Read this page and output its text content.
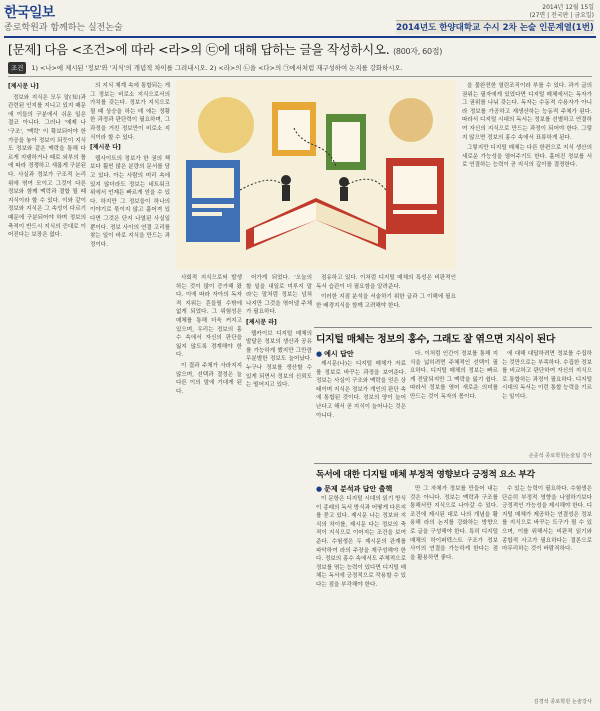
한국일보
종로학원과 함께하는 실전논술
2014년 12월 15일
(27면 | 전국판 | 금요일)
2014년도 한양대학교 수시 2차 논술 인문계열(1번)
[문제] 다음 <조건>에 따라 <라>의 ㉢에 대해 답하는 글을 작성하시오. (800자, 60점)
조건 1) <나>에 제시된 '정보'와 '지식'의 개념적 차이를 그려내시오. 2) <라>의 ㉡을 <다>의 ㉠에서처럼 재구성하여 논지를 강화하시오.
[제시문 나]

정보와 지식은 모두 알(知)과 관련된 인지를 지니고 있지 때문에 이들의 구분에서 쉬운 일은 결코 아니다. 그러나 '예제 나 '구조', '맥락' 이 확보되어야 한 가공을 놓아 정보이 되듯이 지식도 정보와 같은 맥락을 통해 다르게 지탱하거나 때로 외부의 틀에 따라 경쟁하고 새롭게 구분된다. 사실과 정보가 구조적 논리 위에 엮여 모이고 그것이 다른 정보와 함께 맥락과 결합 될 때 지식이라 할 수 있다. 이와 같이 정보와 지식은 그 속성이 다르기 때문에 구분되어야 하며 정보의 축적이 반드시 지식의 증대로 이어진다는 보장은 없다.

의 지식 체계 속에 통합되는 게 그 정보는 비로소 지식으로서의 가치를 갖는다. 정보가 지식으로 될 때 상승을 하는 데 에는 정황한 과정과 판단력이 필요하며, 그 과정을 거친 정보만이 비로소 지식이라 할 수 있다.

[제시문 다]

웹사이트의 정보가 한 권의 책보다 훨씬 많은 분량의 문서를 담고 있다. 아는 사람의 머리 속에 있지 않더라도 정보는 네트워크 위에서 언제든 빠르게 얻을 수 있다. 하지만 그 정보들이 하나의 이야기로 묶이지 않고 흩어져 있다면 그것은 단지 나열된 사실일 뿐이다. 정보 사이의 연결 고리를 찾는 일이 바로 지식을 만드는 과정이다.

을 불완전한 열린조직이라 부를 수 있다. 과거 글의 권위는 필자에게 있었다면 디지털 매체에서는 독자가 그 권위를 나눠 갖는다. 독자는 수동적 수용자가 아니라 정보를 가공하고 재생산하는 능동적 주체가 된다. 따라서 디지털 시대의 독서는 정보를 선별하고 연결하여 자신의 지식으로 만드는 과정이 되어야 한다. 그렇지 않으면 정보의 홍수 속에서 표류하게 된다.

그렇지만 디지털 매체는 다른 한편으로 지식 생산의 새로운 가능성을 열어주기도 한다. 흩어진 정보를 서로 연결하는 능력이 곧 지식의 깊이를 결정한다.

사회적 지식으로써 발생하는 것이 많이 증가해 왔다. 이에 따라 자아의 독자적 지위는 흔들릴 수밖에 없게 되었다. 그 위험성은 매체를 통해 더욱 커지고 있으며, 우리는 정보의 홍수 속에서 자신의 판단을 잃지 않도록 경계해야 한다.

이 결과 주체가 사라지지 않으며, 선택과 결정은 늘 다른 이의 말에 기대게 된다.

어가게 되었다. '오늘의 할 일을 내일로 미루지 말라'는 말처럼 정보는 넘쳐나지만 그것을 엮어낼 주체가 필요하다.

[제시문 라]

웹카이브 디지털 매체의 발달은 정보의 생산과 공유를 가능하게 했지만 그만큼 무분별한 정보도 늘어났다. 누구나 정보를 생산할 수 있게 되면서 정보의 신뢰도는 떨어지고 있다.

점유하고 있다. 이처럼 디지털 매체의 특성은 비판적인 독서 습관이 더 필요함을 알려준다.

이러한 지점 분석을 서술하기 위한 글과 그 이해에 필요한 배경지식을 함께 고려해야 한다.

디지털 매체는 정보의 홍수, 그래도 잘 엮으면 지식이 된다
● 예시 답안

제시문(나)는 디지털 매체가 자료를 정보로 바꾸는 과정을 보여준다. 정보는 사실이 구조와 맥락을 얻은 상태이며 지식은 정보가 개인의 판단 속에 통합된 것이다. 정보의 양이 늘어난다고 해서 곧 지식이 늘어나는 것은 아니다.

다. 이처럼 인간이 정보를 통해 지식을 넓히려면 주체적인 선택이 필요하다. 디지털 매체의 정보는 빠르게 전달되지만 그 맥락을 잃기 쉽다. 따라서 정보를 엮어 새로운 의미를 만드는 것이 독자의 몫이다.

에 대해 대답하려면 정보를 수집하는 것만으로는 부족하다. 수집한 정보를 비교하고 판단하여 자신의 지식으로 통합하는 과정이 필요하다. 디지털 시대의 독서는 이런 통합 능력을 기르는 일이다.

손준석 종로학원논술팀 강사
독서에 대한 디지털 매체 부정적 영향보다 긍정적 요소 부각
● 문제 분석과 답안 출핵

이 문항은 디지털 시대의 읽기 방식이 종래의 독서 방식과 어떻게 다른지를 묻고 있다. 제시문 나는 정보와 지식의 차이를, 제시문 다는 정보의 축적이 지식으로 이어지는 조건을 보여준다. 수험생은 두 제시문의 관계를 파악하여 라의 주장을 재구성해야 한다. 정보의 홍수 속에서도 주체적으로 정보를 엮는 능력이 있다면 디지털 매체는 독서에 긍정적으로 작용할 수 있다는 점을 부각해야 한다.

만 그 자체가 정보를 만들어 내는 것은 아니다. 정보는 맥락과 구조를 통해서만 지식으로 나아갈 수 있다. 조건에 제시된 대로 나의 개념을 활용해 라의 논지를 강화하는 방향으로 글을 구성해야 한다. 특히 디지털 매체의 하이퍼텍스트 구조가 정보 사이의 연결을 가능하게 한다는 점을 활용하면 좋다.

수 있는 능력이 필요하다. 수험생은 단순히 부정적 영향을 나열하기보다 긍정적인 가능성을 제시해야 한다. 디지털 매체가 제공하는 연결성은 정보를 지식으로 바꾸는 도구가 될 수 있으며, 이를 위해서는 비판적 읽기와 종합적 사고가 필요하다는 결론으로 마무리하는 것이 바람직하다.

김경석 종로학원 논술강사
